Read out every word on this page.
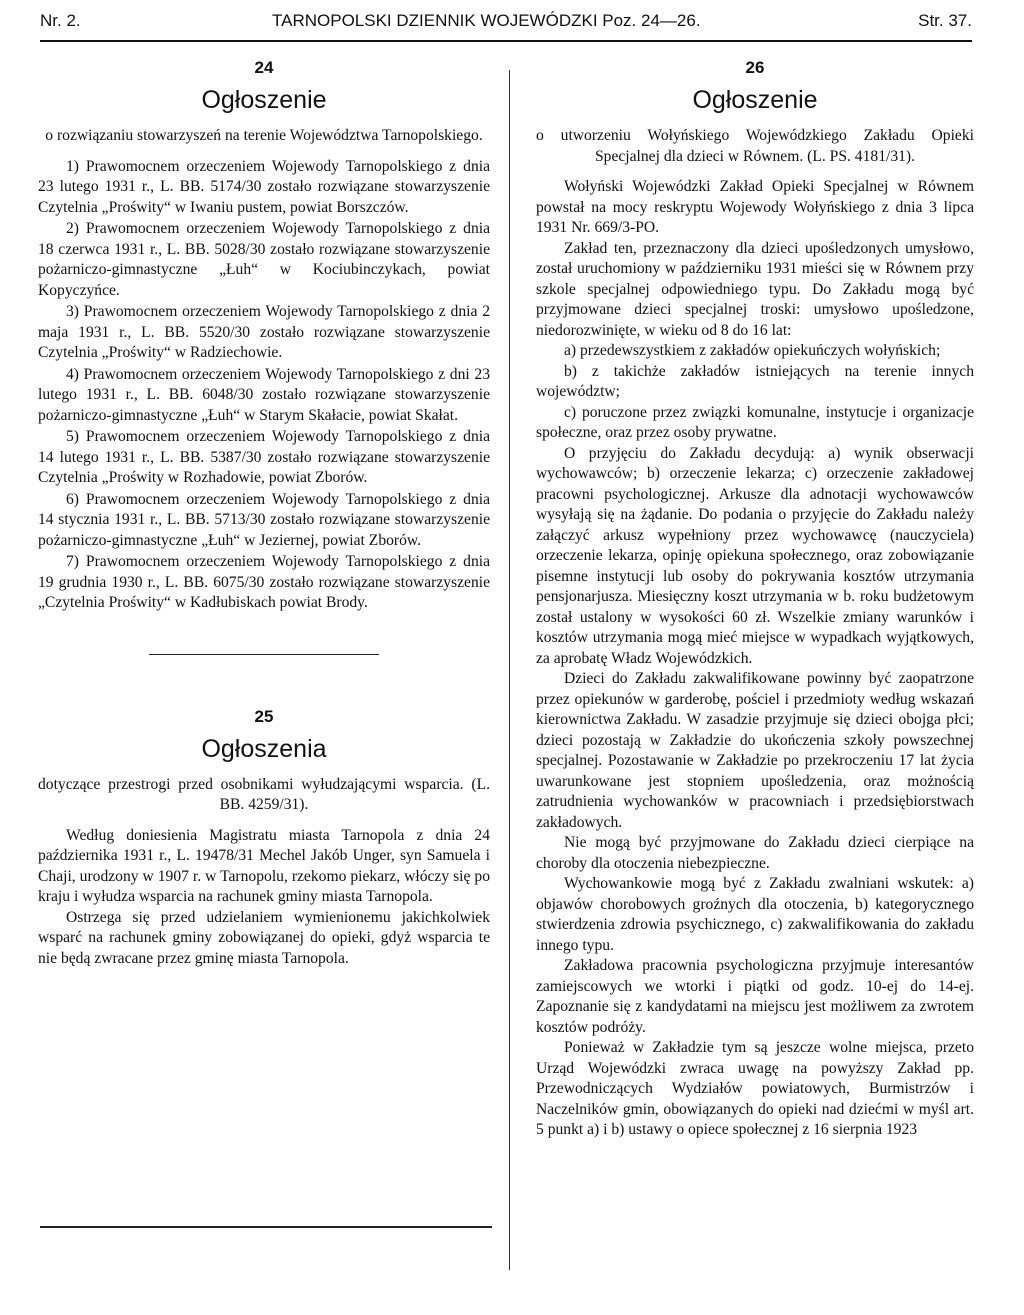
Nr. 2.	TARNOPOLSKI DZIENNIK WOJEWÓDZKI Poz. 24—26.	Str. 37.
24
Ogłoszenie
o rozwiązaniu stowarzyszeń na terenie Województwa Tarnopolskiego.

1) Prawomocnem orzeczeniem Wojewody Tarnopolskiego z dnia 23 lutego 1931 r., L. BB. 5174/30 zostało rozwiązane stowarzyszenie Czytelnia „Proświty“ w Iwaniu pustem, powiat Borszczów.

2) Prawomocnem orzeczeniem Wojewody Tarnopolskiego z dnia 18 czerwca 1931 r., L. BB. 5028/30 zostało rozwiązane stowarzyszenie pożarniczo-gimnastyczne „Łuh“ w Kociubinczykach, powiat Kopyczyńce.

3) Prawomocnem orzeczeniem Wojewody Tarnopolskiego z dnia 2 maja 1931 r., L. BB. 5520/30 zostało rozwiązane stowarzyszenie Czytelnia „Proświty“ w Radziechowie.

4) Prawomocnem orzeczeniem Wojewody Tarnopolskiego z dni 23 lutego 1931 r., L. BB. 6048/30 zostało rozwiązane stowarzyszenie pożarniczo-gimnastyczne „Łuh“ w Starym Skałacie, powiat Skałat.

5) Prawomocnem orzeczeniem Wojewody Tarnopolskiego z dnia 14 lutego 1931 r., L. BB. 5387/30 zostało rozwiązane stowarzyszenie Czytelnia „Proświty w Rozhadowie, powiat Zborów.

6) Prawomocnem orzeczeniem Wojewody Tarnopolskiego z dnia 14 stycznia 1931 r., L. BB. 5713/30 zostało rozwiązane stowarzyszenie pożarniczo-gimnastyczne „Łuh“ w Jeziernej, powiat Zborów.

7) Prawomocnem orzeczeniem Wojewody Tarnopolskiego z dnia 19 grudnia 1930 r., L. BB. 6075/30 zostało rozwiązane stowarzyszenie „Czytelnia Proświty“ w Kadłubiskach powiat Brody.

25
Ogłoszenia
dotyczące przestrogi przed osobnikami wyłudzającymi wsparcia. (L. BB. 4259/31).

Według doniesienia Magistratu miasta Tarnopola z dnia 24 października 1931 r., L. 19478/31 Mechel Jakób Unger, syn Samuela i Chaji, urodzony w 1907 r. w Tarnopolu, rzekomo piekarz, włóczy się po kraju i wyłudza wsparcia na rachunek gminy miasta Tarnopola.

Ostrzega się przed udzielaniem wymienionemu jakichkolwiek wsparć na rachunek gminy zobowiązanej do opieki, gdyż wsparcia te nie będą zwracane przez gminę miasta Tarnopola.

26
Ogłoszenie
o utworzeniu Wołyńskiego Wojewódzkiego Zakładu Opieki Specjalnej dla dzieci w Równem. (L. PS. 4181/31).

Wołyński Wojewódzki Zakład Opieki Specjalnej w Równem powstał na mocy reskryptu Wojewody Wołyńskiego z dnia 3 lipca 1931 Nr. 669/3-PO.

Zakład ten, przeznaczony dla dzieci upośledzonych umysłowo, został uruchomiony w październiku 1931 mieści się w Równem przy szkole specjalnej odpowiedniego typu. Do Zakładu mogą być przyjmowane dzieci specjalnej troski: umysłowo upośledzone, niedorozwinięte, w wieku od 8 do 16 lat:

a) przedewszystkiem z zakładów opiekuńczych wołyńskich;

b) z takichże zakładów istniejących na terenie innych województw;

c) poruczone przez związki komunalne, instytucje i organizacje społeczne, oraz przez osoby prywatne.

O przyjęciu do Zakładu decydują: a) wynik obserwacji wychowawców; b) orzeczenie lekarza; c) orzeczenie zakładowej pracowni psychologicznej. Arkusze dla adnotacji wychowawców wysyłają się na żądanie. Do podania o przyjęcie do Zakładu należy załączyć arkusz wypełniony przez wychowawcę (nauczyciela) orzeczenie lekarza, opinję opiekuna społecznego, oraz zobowiązanie pisemne instytucji lub osoby do pokrywania kosztów utrzymania pensjonarjusza. Miesięczny koszt utrzymania w b. roku budżetowym został ustalony w wysokości 60 zł. Wszelkie zmiany warunków i kosztów utrzymania mogą mieć miejsce w wypadkach wyjątkowych, za aprobatę Władz Wojewódzkich.

Dzieci do Zakładu zakwalifikowane powinny być zaopatrzone przez opiekunów w garderobę, pościel i przedmioty według wskazań kierownictwa Zakładu. W zasadzie przyjmuje się dzieci obojga płci; dzieci pozostają w Zakładzie do ukończenia szkoły powszechnej specjalnej. Pozostawanie w Zakładzie po przekroczeniu 17 lat życia uwarunkowane jest stopniem upośledzenia, oraz możnością zatrudnienia wychowanków w pracowniach i przedsiębiorstwach zakładowych.

Nie mogą być przyjmowane do Zakładu dzieci cierpiące na choroby dla otoczenia niebezpieczne.

Wychowankowie mogą być z Zakładu zwalniani wskutek: a) objawów chorobowych groźnych dla otoczenia, b) kategorycznego stwierdzenia zdrowia psychicznego, c) zakwalifikowania do zakładu innego typu.

Zakładowa pracownia psychologiczna przyjmuje interesantów zamiejscowych we wtorki i piątki od godz. 10-ej do 14-ej. Zapoznanie się z kandydatami na miejscu jest możliwem za zwrotem kosztów podróży.

Ponieważ w Zakładzie tym są jeszcze wolne miejsca, przeto Urząd Wojewódzki zwraca uwagę na powyższy Zakład pp. Przewodniczących Wydziałów powiatowych, Burmistrzów i Naczelników gmin, obowiązanych do opieki nad dziećmi w myśl art. 5 punkt a) i b) ustawy o opiece społecznej z 16 sierpnia 1923
